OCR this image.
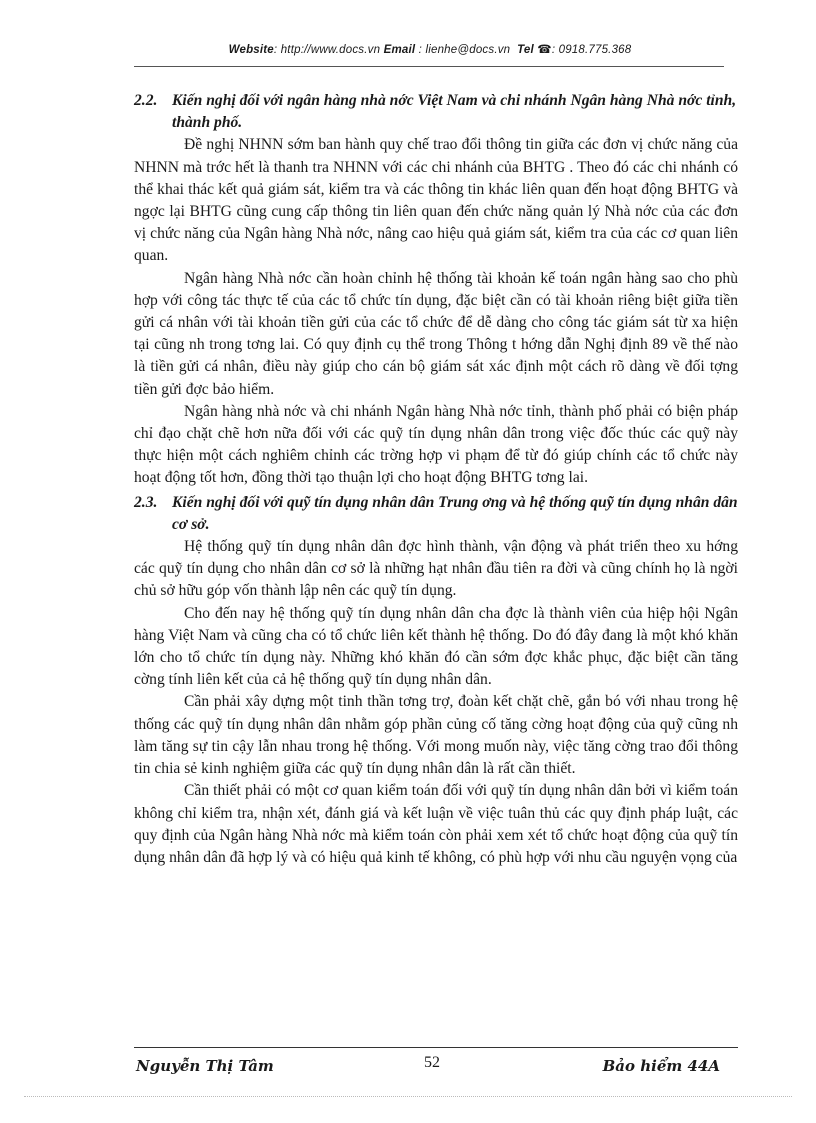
Website: http://www.docs.vn Email : lienhe@docs.vn Tel ☎: 0918.775.368

2.2. Kiến nghị đối với ngân hàng nhà nớc Việt Nam và chi nhánh Ngân hàng Nhà nớc tỉnh, thành phố.

Đề nghị NHNN sớm ban hành quy chế trao đổi thông tin giữa các đơn vị chức năng của NHNN mà trớc hết là thanh tra NHNN với các chi nhánh của BHTG . Theo đó các chi nhánh có thể khai thác kết quả giám sát, kiểm tra và các thông tin khác liên quan đến hoạt động BHTG và ngợc lại BHTG cũng cung cấp thông tin liên quan đến chức năng quản lý Nhà nớc của các đơn vị chức năng của Ngân hàng Nhà nớc, nâng cao hiệu quả giám sát, kiểm tra của các cơ quan liên quan.

Ngân hàng Nhà nớc cần hoàn chỉnh hệ thống tài khoản kế toán ngân hàng sao cho phù hợp với công tác thực tế của các tổ chức tín dụng, đặc biệt cần có tài khoản riêng biệt giữa tiền gửi cá nhân với tài khoản tiền gửi của các tổ chức để dễ dàng cho công tác giám sát từ xa hiện tại cũng nh trong tơng lai. Có quy định cụ thể trong Thông t hớng dẫn Nghị định 89 về thế nào là tiền gửi cá nhân, điều này giúp cho cán bộ giám sát xác định một cách rõ dàng về đối tợng tiền gửi đợc bảo hiểm.

Ngân hàng nhà nớc và chi nhánh Ngân hàng Nhà nớc tỉnh, thành phố phải có biện pháp chỉ đạo chặt chẽ hơn nữa đối với các quỹ tín dụng nhân dân trong việc đốc thúc các quỹ này thực hiện một cách nghiêm chỉnh các trờng hợp vi phạm để từ đó giúp chính các tổ chức này hoạt động tốt hơn, đồng thời tạo thuận lợi cho hoạt động BHTG tơng lai.

2.3. Kiến nghị đối với quỹ tín dụng nhân dân Trung ơng và hệ thống quỹ tín dụng nhân dân cơ sở.

Hệ thống quỹ tín dụng nhân dân đợc hình thành, vận động và phát triển theo xu hớng các quỹ tín dụng cho nhân dân cơ sở là những hạt nhân đầu tiên ra đời và cũng chính họ là ngời chủ sở hữu góp vốn thành lập nên các quỹ tín dụng.

Cho đến nay hệ thống quỹ tín dụng nhân dân cha đợc là thành viên của hiệp hội Ngân hàng Việt Nam và cũng cha có tổ chức liên kết thành hệ thống. Do đó đây đang là một khó khăn lớn cho tổ chức tín dụng này. Những khó khăn đó cần sớm đợc khắc phục, đặc biệt cần tăng cờng tính liên kết của cả hệ thống quỹ tín dụng nhân dân.

Cần phải xây dựng một tinh thần tơng trợ, đoàn kết chặt chẽ, gắn bó với nhau trong hệ thống các quỹ tín dụng nhân dân nhằm góp phần củng cố tăng cờng hoạt động của quỹ cũng nh làm tăng sự tin cậy lẫn nhau trong hệ thống. Với mong muốn này, việc tăng cờng trao đổi thông tin chia sẻ kinh nghiệm giữa các quỹ tín dụng nhân dân là rất cần thiết.

Cần thiết phải có một cơ quan kiểm toán đối với quỹ tín dụng nhân dân bởi vì kiểm toán không chỉ kiểm tra, nhận xét, đánh giá và kết luận về việc tuân thủ các quy định pháp luật, các quy định của Ngân hàng Nhà nớc mà kiểm toán còn phải xem xét tổ chức hoạt động của quỹ tín dụng nhân dân đã hợp lý và có hiệu quả kinh tế không, có phù hợp với nhu cầu nguyện vọng của

Nguyễn Thị Tâm	52	Bảo hiểm 44A
